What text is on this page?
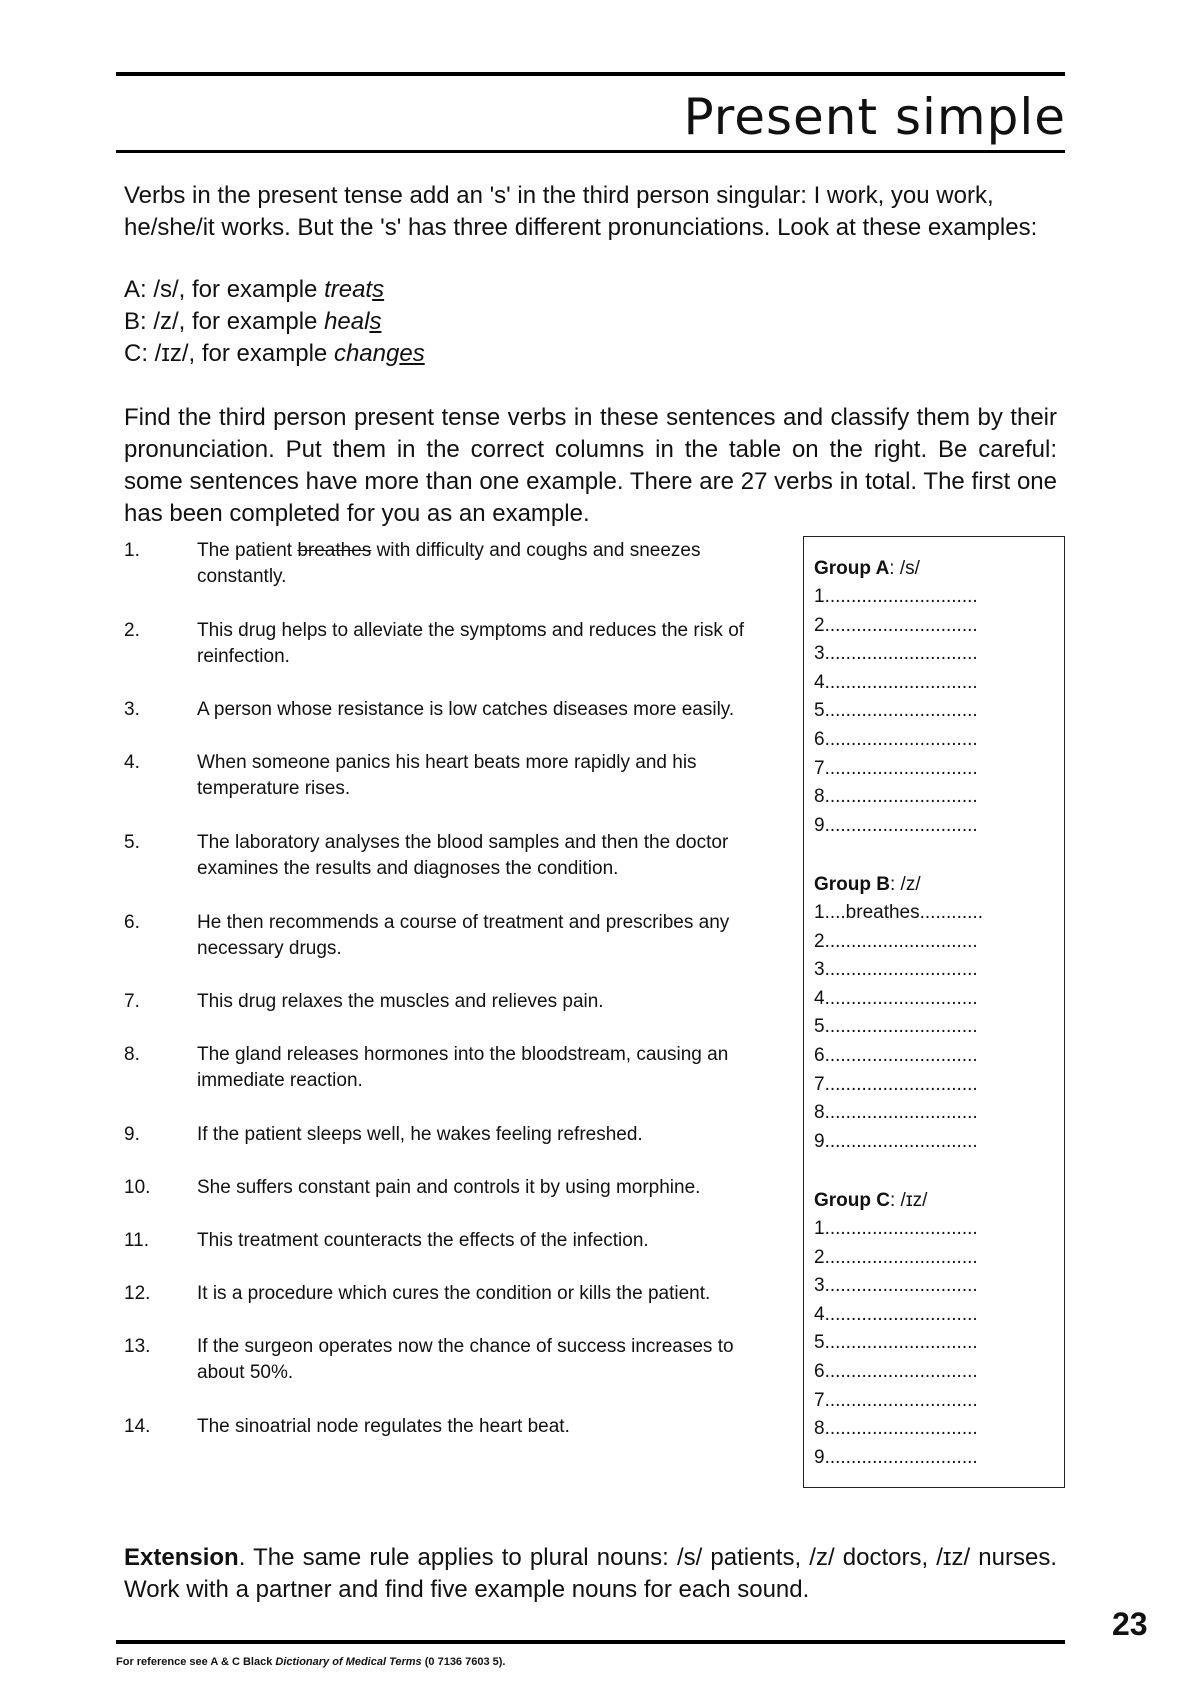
Present simple

Verbs in the present tense add an 's' in the third person singular: I work, you work, he/she/it works. But the 's' has three different pronunciations. Look at these examples:

A: /s/, for example treats
B: /z/, for example heals
C: /ɪz/, for example changes

Find the third person present tense verbs in these sentences and classify them by their pronunciation. Put them in the correct columns in the table on the right. Be careful: some sentences have more than one example. There are 27 verbs in total. The first one has been completed for you as an example.

1.	The patient breathes with difficulty and coughs and sneezes constantly.
2.	This drug helps to alleviate the symptoms and reduces the risk of reinfection.
3.	A person whose resistance is low catches diseases more easily.
4.	When someone panics his heart beats more rapidly and his temperature rises.
5.	The laboratory analyses the blood samples and then the doctor examines the results and diagnoses the condition.
6.	He then recommends a course of treatment and prescribes any necessary drugs.
7.	This drug relaxes the muscles and relieves pain.
8.	The gland releases hormones into the bloodstream, causing an immediate reaction.
9.	If the patient sleeps well, he wakes feeling refreshed.
10. She suffers constant pain and controls it by using morphine.
11.	This treatment counteracts the effects of the infection.
12. It is a procedure which cures the condition or kills the patient.
13. If the surgeon operates now the chance of success increases to about 50%.
14. The sinoatrial node regulates the heart beat.

Group A: /s/

1.............................
2.............................
3.............................
4.............................
5.............................
6.............................
7.............................
8.............................
9.............................

Group B: /z/

1....breathes............
2.............................
3.............................
4.............................
5.............................
6.............................
7.............................
8.............................
9.............................

Group C: /ɪz/

1.............................
2.............................
3.............................
4.............................
5.............................
6.............................
7.............................
8.............................
9.............................

Extension. The same rule applies to plural nouns: /s/ patients, /z/ doctors, /ɪz/ nurses. Work with a partner and find five example nouns for each sound.

23

For reference see A & C Black Dictionary of Medical Terms (0 7136 7603 5).
